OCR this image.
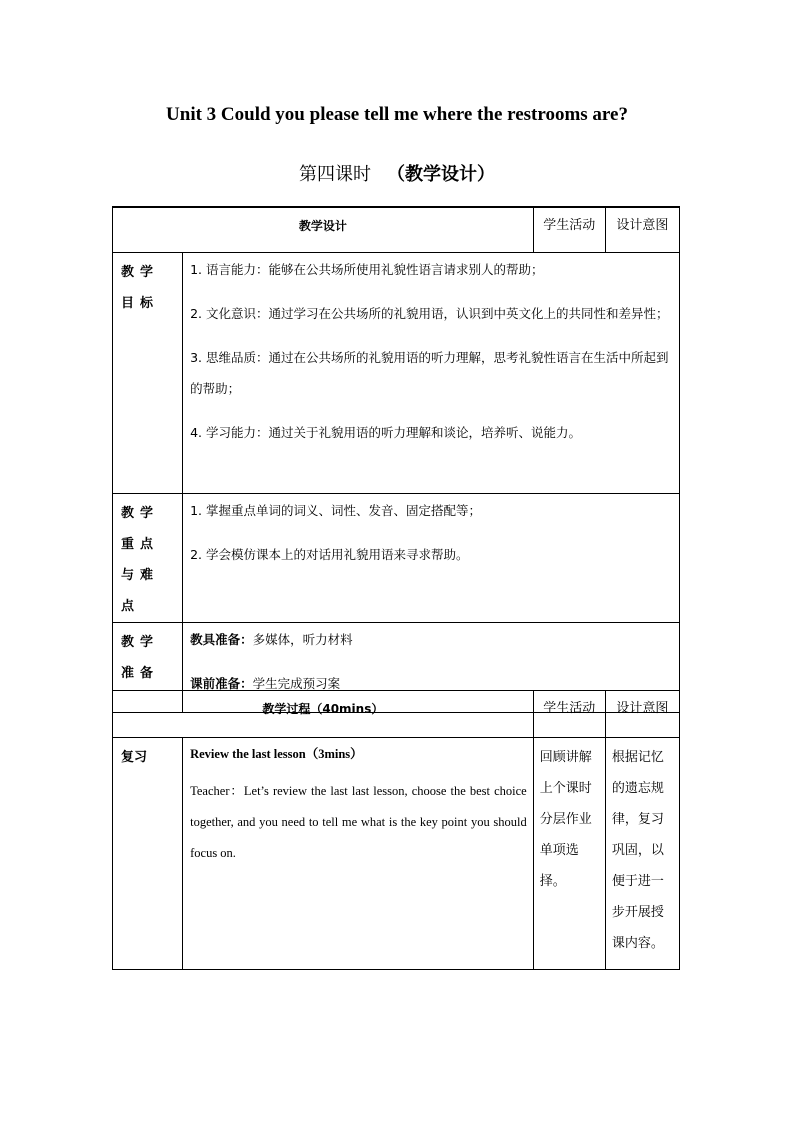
Unit 3 Could you please tell me where the restrooms are?
第四课时 （教学设计）
教学设计		学生活动	设计意图
教学目标	1. 语言能力：能够在公共场所使用礼貌性语言请求别人的帮助；

2. 文化意识：通过学习在公共场所的礼貌用语，认识到中英文化上的共同性和差异性；

3. 思维品质：通过在公共场所的礼貌用语的听力理解，思考礼貌性语言在生活中所起到的帮助；

4. 学习能力：通过关于礼貌用语的听力理解和谈论，培养听、说能力。		

教学重点与难点	1. 掌握重点单词的词义、词性、发音、固定搭配等；

2. 学会模仿课本上的对话用礼貌用语来寻求帮助。		

教学准备	教具准备：多媒体，听力材料

课前准备：学生完成预习案		

教学过程（40mins）		学生活动	设计意图
复习	Review the last lesson（3mins）

Teacher：Let’s review the last last lesson, choose the best choice together, and you need to tell me what is the key point you should focus on.	回顾讲解上个课时分层作业单项选择。	根据记忆的遗忘规律，复习巩固，以便于进一步开展授课内容。
